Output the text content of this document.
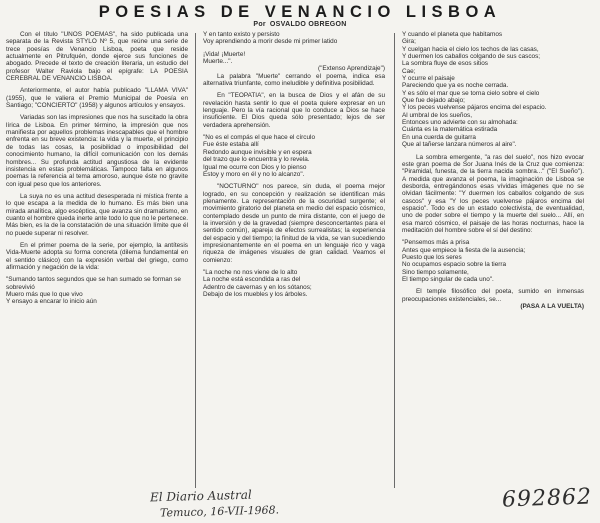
POESIAS DE VENANCIO LISBOA
Por OSVALDO OBREGON

Con el título "UNOS POEMAS", ha sido publicada una separata de la Revista STYLO Nº 5, que reúne una serie de trece poesías de Venancio Lisboa, poeta que reside actualmente en Pitrufquén, donde ejerce sus funciones de abogado. Precede el texto de creación literaria, un estudio del profesor Walter Raviola bajo el epígrafe: LA POESIA CEREBRAL DE VENANCIO LISBOA.

Anteriormente, el autor había publicado "LLAMA VIVA" (1955), que le valiera el Premio Municipal de Poesía en Santiago; "CONCIERTO" (1958) y algunos artículos y ensayos.

Variadas son las impresiones que nos ha suscitado la obra lírica de Lisboa. En primer término, la impresión que nos manifiesta por aquellos problemas inescapables que el hombre enfrenta en su breve existencia: la vida y la muerte, el principio de todas las cosas, la posibilidad o imposibilidad del conocimiento humano, la difícil comunicación con los demás hombres... Su profunda actitud angustiosa de la evidente insistencia en estas problemáticas. Tampoco falta en algunos poemas la referencia al tema amoroso, aunque éste no gravite con igual peso que los anteriores.

La suya no es una actitud desesperada ni mística frente a lo que escapa a la medida de lo humano. Es más bien una mirada analítica, algo escéptica, que avanza sin dramatismo, en cuanto el hombre queda inerte ante todo lo que no le pertenece. Más bien, es la de la constatación de una situación límite que él no puede superar ni resolver.

En el primer poema de la serie, por ejemplo, la antítesis Vida-Muerte adopta su forma concreta (dilema fundamental en el sentido clásico) con la expresión verbal del griego, como afirmación y negación de la vida:

"Sumando tantos segundos que se han sumado se forman se sobrevivió

Muero más que lo que vivo

Y ensayo a encarar lo inicio aún

Y en tanto existo y persisto

Voy aprendiendo a morir desde mi primer latido

¡Vida! ¡Muerte!

Muerte...".

("Extenso Aprendizaje")

La palabra "Muerte" cerrando el poema, indica esa alternativa triunfante, como ineludible y definitiva posibilidad.

En "TEOPATIA", en la busca de Dios y el afán de su revelación hasta sentir lo que el poeta quiere expresar en un lenguaje. Pero la vía racional que lo conduce a Dios se hace insuficiente. El Dios queda sólo presentado; lejos de ser verdadera aprehensión.

"No es el compás el que hace el círculo

Fue éste estaba allí

Redondo aunque invisible y en espera

del trazo que lo encuentra y lo revela.

Igual me ocurre con Dios y lo pienso

Estoy y moro en él y no lo alcanzo".

"NOCTURNO" nos parece, sin duda, el poema mejor logrado, en su concepción y realización se identifican más plenamente. La representación de la oscuridad surgente; el movimiento giratorio del planeta en medio del espacio cósmico, contemplado desde un punto de mira distante, con el juego de la inversión y de la gravedad (siempre desconcertantes para el sentido común), apareja de efectos surrealistas; la experiencia del espacio y del tiempo; la finitud de la vida, se van sucediendo impresionantemente en el poema en un lenguaje rico y vaga riqueza de imágenes visuales de gran calidad. Veamos el comienzo:

"La noche no nos viene de lo alto

La noche está escondida a ras del

Adentro de cavernas y en los sótanos;

Debajo de los muebles y los árboles.

Y cuando el planeta que habitamos

Gira;

Y cuelgan hacia el cielo los techos de las casas,

Y duermen los caballos colgando de sus cascos;

La sombra fluye de esos sitios

Cae;

Y ocurre el paisaje

Pareciendo que ya es noche cerrada.

Y es sólo el mar que se torna cielo sobre el cielo

Que fue dejado abajo;

Y los peces vuelvense pájaros encima del espacio.

Al umbral de los sueños,

Entonces uno advierte con su almohada:

Cuánta es la matemática estirada

En una cuerda de guitarra

Que al tañerse lanzara números al aire".

La sombra emergente, "a ras del suelo", nos hizo evocar este gran poema de Sor Juana Inés de la Cruz que comienza: "Piramidal, funesta, de la tierra nacida sombra..." ("El Sueño"). A medida que avanza el poema, la imaginación de Lisboa se desborda, entregándonos esas vívidas imágenes que no se olvidan fácilmente: "Y duermen los caballos colgando de sus cascos" y esa "Y los peces vuelvense pájaros encima del espacio". Todo es de un estado colectivista, de eventualidad, uno de poder sobre el tiempo y la muerte del suelo... Allí, en esa marcó cósmico, el paisaje de las horas nocturnas, hace la meditación del hombre sobre el sí del destino:

"Pensemos más a prisa

Antes que empiece la fiesta de la ausencia;

Puesto que los seres

No ocupamos espacio sobre la tierra

Sino tiempo solamente,

El tiempo singular de cada uno".

El temple filosófico del poeta, sumido en inmensas preocupaciones existenciales, se...

(PASA A LA VUELTA)

El Diario Austral
Temuco, 16-VII-1968.	692862
